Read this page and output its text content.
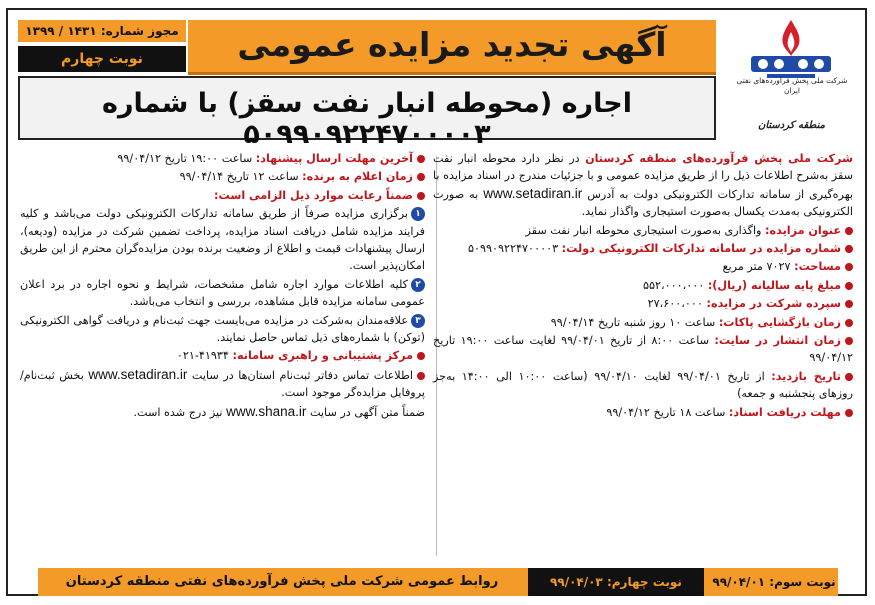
شرکت ملی پخش فرآورده‌های نفتی ایران
منطقه کردستان
مجوز شماره: ۱۴۳۱ / ۱۳۹۹
نوبت چهارم	آگهی تجدید مزایده عمومی
اجاره (محوطه انبار نفت سقز) با شماره ۵۰۹۹۰۹۲۲۴۷۰۰۰۰۳

شرکت ملی پخش فرآورده‌های منطقه کردستان در نظر دارد محوطه انبار نفت سقز به‌شرح اطلاعات ذیل را از طریق مزایده عمومی و با جزئیات مندرج در اسناد مزایده با بهره‌گیری از سامانه تدارکات الکترونیکی دولت به آدرس www.setadiran.ir به صورت الکترونیکی به‌مدت یکسال به‌صورت استیجاری واگذار نماید.

عنوان مزایده: واگذاری به‌صورت استیجاری محوطه انبار نفت سقز

شماره مزایده در سامانه تدارکات الکترونیکی دولت: ۵۰۹۹۰۹۲۲۴۷۰۰۰۰۳

مساحت: ۷۰۲۷ متر مربع

مبلغ پایه سالیانه (ریال): ۵۵۲،۰۰۰،۰۰۰

سپرده شرکت در مزایده: ۲۷،۶۰۰،۰۰۰

زمان بازگشایی پاکات: ساعت ۱۰ روز شنبه تاریخ ۹۹/۰۴/۱۴

زمان انتشار در سایت: ساعت ۸:۰۰ از تاریخ ۹۹/۰۴/۰۱ لغایت ساعت ۱۹:۰۰ تاریخ ۹۹/۰۴/۱۲

تاریخ بازدید: از تاریخ ۹۹/۰۴/۰۱ لغایت ۹۹/۰۴/۱۰ (ساعت ۱۰:۰۰ الی ۱۴:۰۰ به‌جز روزهای پنجشنبه و جمعه)

مهلت دریافت اسناد: ساعت ۱۸ تاریخ ۹۹/۰۴/۱۲

آخرین مهلت ارسال پیشنهاد: ساعت ۱۹:۰۰ تاریخ ۹۹/۰۴/۱۲

زمان اعلام به برنده: ساعت ۱۲ تاریخ ۹۹/۰۴/۱۴

ضمناً رعایت موارد ذیل الزامی است:

۱برگزاری مزایده صرفاً از طریق سامانه تدارکات الکترونیکی دولت می‌باشد و کلیه فرایند مزایده شامل دریافت اسناد مزایده، پرداخت تضمین شرکت در مزایده (ودیعه)، ارسال پیشنهادات قیمت و اطلاع از وضعیت برنده بودن مزایده‌گران محترم از این طریق امکان‌پذیر است.

۲کلیه اطلاعات موارد اجاره شامل مشخصات، شرایط و نحوه اجاره در برد اعلان عمومی سامانه مزایده قابل مشاهده، بررسی و انتخاب می‌باشد.

۳علاقه‌مندان به‌شرکت در مزایده می‌بایست جهت ثبت‌نام و دریافت گواهی الکترونیکی (توکن) با شماره‌های ذیل تماس حاصل نمایند.

مرکز پشتیبانی و راهبری سامانه: ۴۱۹۳۴-۰۲۱

اطلاعات تماس دفاتر ثبت‌نام استان‌ها در سایت www.setadiran.ir بخش ثبت‌نام/ پروفایل مزایده‌گر موجود است.

ضمناً متن آگهی در سایت www.shana.ir نیز درج شده است.

نوبت سوم: ۹۹/۰۴/۰۱
نوبت چهارم: ۹۹/۰۴/۰۳
روابط عمومی شرکت ملی پخش فرآورده‌های نفتی منطقه کردستان
